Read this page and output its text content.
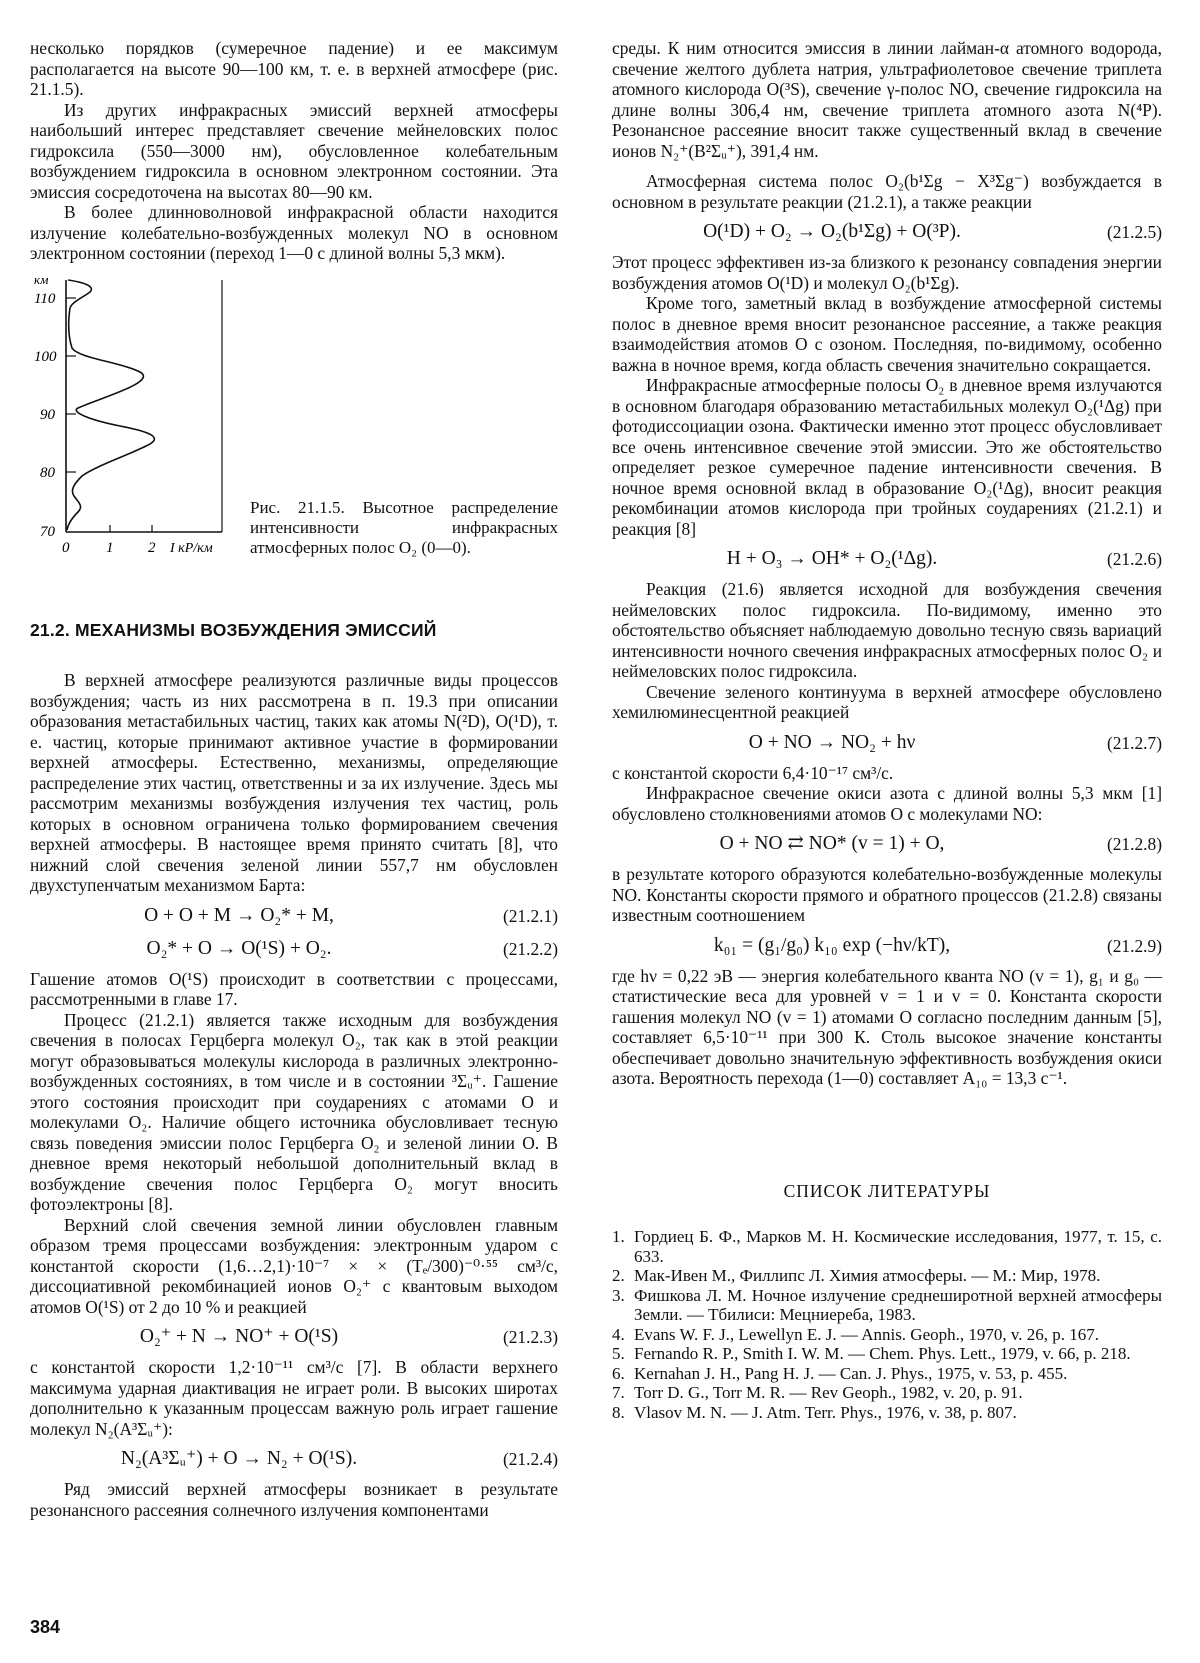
несколько порядков (сумеречное падение) и ее максимум располагается на высоте 90—100 км, т. е. в верхней атмосфере (рис. 21.1.5).

Из других инфракрасных эмиссий верхней атмосферы наибольший интерес представляет свечение мейнеловских полос гидроксила (550—3000 нм), обусловленное колебательным возбуждением гидроксила в основном электронном состоянии. Эта эмиссия сосредоточена на высотах 80—90 км.

В более длинноволновой инфракрасной области находится излучение колебательно-возбужденных молекул NO в основном электронном состоянии (переход 1—0 с длиной волны 5,3 мкм).

км
110
100
90
80
70
0 1 2 I кР/км
Рис. 21.1.5. Высотное распределение интенсивности инфракрасных атмосферных полос O₂ (0—0).
21.2. МЕХАНИЗМЫ ВОЗБУЖДЕНИЯ ЭМИССИЙ

В верхней атмосфере реализуются различные виды процессов возбуждения; часть из них рассмотрена в п. 19.3 при описании образования метастабильных частиц, таких как атомы N(²D), O(¹D), т. е. частиц, которые принимают активное участие в формировании верхней атмосферы. Естественно, механизмы, определяющие распределение этих частиц, ответственны и за их излучение. Здесь мы рассмотрим механизмы возбуждения излучения тех частиц, роль которых в основном ограничена только формированием свечения верхней атмосферы. В настоящее время принято считать [8], что нижний слой свечения зеленой линии 557,7 нм обусловлен двухступенчатым механизмом Барта:

O + O + M → O₂* + M,	(21.2.1)
O₂* + O → O(¹S) + O₂.	(21.2.2)

Гашение атомов O(¹S) происходит в соответствии с процессами, рассмотренными в главе 17.

Процесс (21.2.1) является также исходным для возбуждения свечения в полосах Герцберга молекул O₂, так как в этой реакции могут образовываться молекулы кислорода в различных электронно-возбужденных состояниях, в том числе и в состоянии ³Σᵤ⁺. Гашение этого состояния происходит при соударениях с атомами O и молекулами O₂. Наличие общего источника обусловливает тесную связь поведения эмиссии полос Герцберга O₂ и зеленой линии O. В дневное время некоторый небольшой дополнительный вклад в возбуждение свечения полос Герцберга O₂ могут вносить фотоэлектроны [8].

Верхний слой свечения земной линии обусловлен главным образом тремя процессами возбуждения: электронным ударом с константой скорости (1,6…2,1)·10⁻⁷ × × (Tₑ/300)⁻⁰·⁵⁵ см³/с, диссоциативной рекомбинацией ионов O₂⁺ с квантовым выходом атомов O(¹S) от 2 до 10 % и реакцией

O₂⁺ + N → NO⁺ + O(¹S)	(21.2.3)

с константой скорости 1,2·10⁻¹¹ см³/с [7]. В области верхнего максимума ударная диактивация не играет роли. В высоких широтах дополнительно к указанным процессам важную роль играет гашение молекул N₂(A³Σᵤ⁺):

N₂(A³Σᵤ⁺) + O → N₂ + O(¹S).	(21.2.4)

Ряд эмиссий верхней атмосферы возникает в результате резонансного рассеяния солнечного излучения компонентами

среды. К ним относится эмиссия в линии лайман-α атомного водорода, свечение желтого дублета натрия, ультрафиолетовое свечение триплета атомного кислорода O(³S), свечение γ-полос NO, свечение гидроксила на длине волны 306,4 нм, свечение триплета атомного азота N(⁴P). Резонансное рассеяние вносит также существенный вклад в свечение ионов N₂⁺(B²Σᵤ⁺), 391,4 нм.

Атмосферная система полос O₂(b¹Σg − X³Σg⁻) возбуждается в основном в результате реакции (21.2.1), а также реакции

O(¹D) + O₂ → O₂(b¹Σg) + O(³P).	(21.2.5)

Этот процесс эффективен из-за близкого к резонансу совпадения энергии возбуждения атомов O(¹D) и молекул O₂(b¹Σg).

Кроме того, заметный вклад в возбуждение атмосферной системы полос в дневное время вносит резонансное рассеяние, а также реакция взаимодействия атомов O с озоном. Последняя, по-видимому, особенно важна в ночное время, когда область свечения значительно сокращается.

Инфракрасные атмосферные полосы O₂ в дневное время излучаются в основном благодаря образованию метастабильных молекул O₂(¹Δg) при фотодиссоциации озона. Фактически именно этот процесс обусловливает все очень интенсивное свечение этой эмиссии. Это же обстоятельство определяет резкое сумеречное падение интенсивности свечения. В ночное время основной вклад в образование O₂(¹Δg), вносит реакция рекомбинации атомов кислорода при тройных соударениях (21.2.1) и реакция [8]

H + O₃ → OH* + O₂(¹Δg).	(21.2.6)

Реакция (21.6) является исходной для возбуждения свечения неймеловских полос гидроксила. По-видимому, именно это обстоятельство объясняет наблюдаемую довольно тесную связь вариаций интенсивности ночного свечения инфракрасных атмосферных полос O₂ и неймеловских полос гидроксила.

Свечение зеленого континуума в верхней атмосфере обусловлено хемилюминесцентной реакцией

O + NO → NO₂ + hν	(21.2.7)

с константой скорости 6,4·10⁻¹⁷ см³/с.

Инфракрасное свечение окиси азота с длиной волны 5,3 мкм [1] обусловлено столкновениями атомов O с молекулами NO:

O + NO ⇄ NO* (v = 1) + O,	(21.2.8)

в результате которого образуются колебательно-возбужденные молекулы NO. Константы скорости прямого и обратного процессов (21.2.8) связаны известным соотношением

k₀₁ = (g₁/g₀) k₁₀ exp (−hν/kT),	(21.2.9)

где hν = 0,22 эВ — энергия колебательного кванта NO (v = 1), g₁ и g₀ — статистические веса для уровней v = 1 и v = 0. Константа скорости гашения молекул NO (v = 1) атомами O согласно последним данным [5], составляет 6,5·10⁻¹¹ при 300 К. Столь высокое значение константы обеспечивает довольно значительную эффективность возбуждения окиси азота. Вероятность перехода (1—0) составляет A₁₀ = 13,3 с⁻¹.

СПИСОК ЛИТЕРАТУРЫ
1. Гордиец Б. Ф., Марков М. Н. Космические исследования, 1977, т. 15, с. 633.
2. Мак-Ивен М., Филлипс Л. Химия атмосферы. — М.: Мир, 1978.
3. Фишкова Л. М. Ночное излучение среднеширотной верхней атмосферы Земли. — Тбилиси: Мецниереба, 1983.
4. Evans W. F. J., Lewellyn E. J. — Annis. Geoph., 1970, v. 26, p. 167.
5. Fernando R. P., Smith I. W. M. — Chem. Phys. Lett., 1979, v. 66, p. 218.
6. Kernahan J. H., Pang H. J. — Can. J. Phys., 1975, v. 53, p. 455.
7. Torr D. G., Torr M. R. — Rev Geoph., 1982, v. 20, p. 91.
8. Vlasov M. N. — J. Atm. Terr. Phys., 1976, v. 38, p. 807.
384
